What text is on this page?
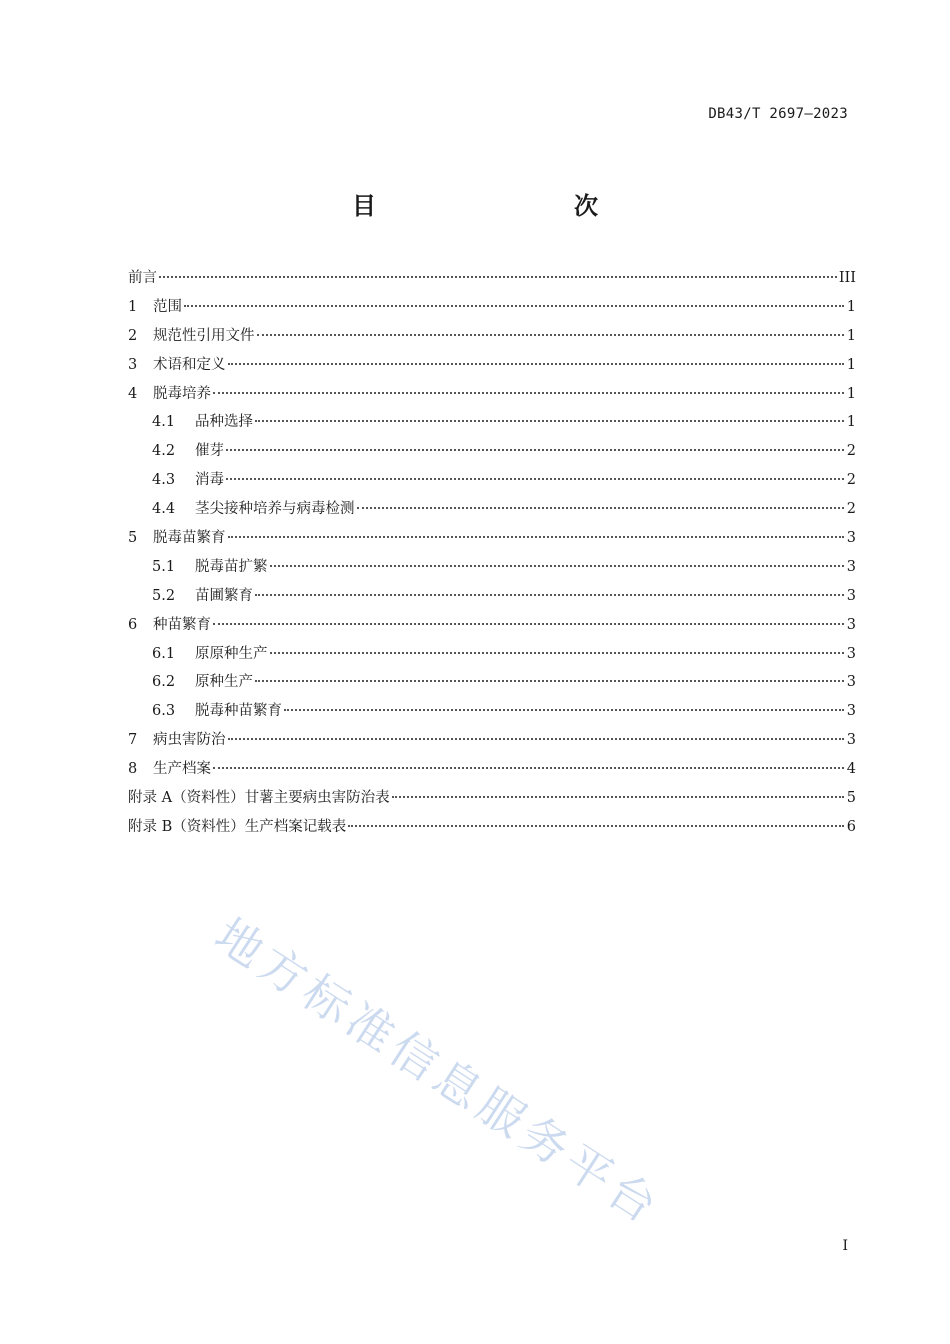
DB43/T 2697—2023
目　　次
前言	III
1	范围	1
2	规范性引用文件	1
3	术语和定义	1
4	脱毒培养	1
4.1	品种选择	1
4.2	催芽	2
4.3	消毒	2
4.4	茎尖接种培养与病毒检测	2
5	脱毒苗繁育	3
5.1	脱毒苗扩繁	3
5.2	苗圃繁育	3
6	种苗繁育	3
6.1	原原种生产	3
6.2	原种生产	3
6.3	脱毒种苗繁育	3
7	病虫害防治	3
8	生产档案	4
附录 A（资料性）甘薯主要病虫害防治表	5
附录 B（资料性）生产档案记载表	6
I
地方标准信息服务平台
